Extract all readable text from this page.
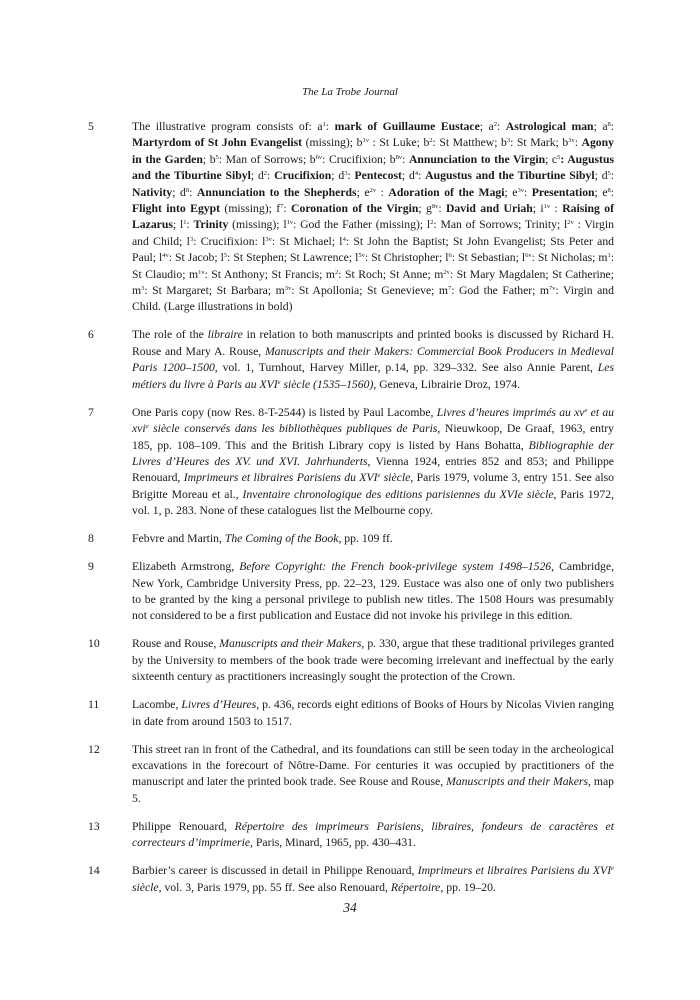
The La Trobe Journal
5	The illustrative program consists of: $a^1$: mark of Guillaume Eustace; $a^2$: Astrological man; $a^8$: Martyrdom of St John Evangelist (missing); $b^{1v}$ : St Luke; $b^2$: St Matthew; $b^3$: St Mark; $b^{3v}$: Agony in the Garden; $b^5$: Man of Sorrows; $b^{6v}$: Crucifixion; $b^{8v}$: Annunciation to the Virgin; $c^5$: Augustus and the Tiburtine Sibyl; $d^2$: Crucifixion; $d^3$: Pentecost; $d^4$: Augustus and the Tiburtine Sibyl; $d^5$: Nativity; $d^8$: Annunciation to the Shepherds; $e^{2v}$ : Adoration of the Magi; $e^{3v}$: Presentation; $e^8$: Flight into Egypt (missing); $f^7$: Coronation of the Virgin; $g^{8v}$: David and Uriah; $i^{1v}$ : Raising of Lazarus; $l^1$: Trinity (missing); $l^{1v}$: God the Father (missing); $l^2$: Man of Sorrows; Trinity; $l^{2v}$ : Virgin and Child; $l^3$: Crucifixion: $l^{3v}$: St Michael; $l^4$: St John the Baptist; St John Evangelist; Sts Peter and Paul; $l^{4v}$: St Jacob; $l^5$: St Stephen; St Lawrence; $l^{5v}$: St Christopher; $l^6$: St Sebastian; $l^{6v}$: St Nicholas; $m^1$: St Claudio; $m^{1v}$: St Anthony; St Francis; $m^2$: St Roch; St Anne; $m^{2v}$: St Mary Magdalen; St Catherine; $m^3$: St Margaret; St Barbara; $m^{3v}$: St Apollonia; St Genevieve; $m^7$: God the Father; $m^{7v}$: Virgin and Child. (Large illustrations in bold)
6	The role of the libraire in relation to both manuscripts and printed books is discussed by Richard H. Rouse and Mary A. Rouse, Manuscripts and their Makers: Commercial Book Producers in Medieval Paris 1200–1500, vol. 1, Turnhout, Harvey Miller, p.14, pp. 329–332. See also Annie Parent, Les métiers du livre à Paris au XVIe siècle (1535–1560), Geneva, Librairie Droz, 1974.
7	One Paris copy (now Res. 8-T-2544) is listed by Paul Lacombe, Livres d’heures imprimés au $xv^e$ et au xvi$^e$ siècle conservés dans les bibliothèques publiques de Paris, Nieuwkoop, De Graaf, 1963, entry 185, pp. 108–109. This and the British Library copy is listed by Hans Bohatta, Bibliographie der Livres d’Heures des XV. und XVI. Jahrhunderts, Vienna 1924, entries 852 and 853; and Philippe Renouard, Imprimeurs et libraires Parisiens du XVIe siècle, Paris 1979, volume 3, entry 151. See also Brigitte Moreau et al., Inventaire chronologique des editions parisiennes du XVIe siècle, Paris 1972, vol. 1, p. 283. None of these catalogues list the Melbourne copy.
8	Febvre and Martin, The Coming of the Book, pp. 109 ff.
9	Elizabeth Armstrong, Before Copyright: the French book-privilege system 1498–1526, Cambridge, New York, Cambridge University Press, pp. 22–23, 129. Eustace was also one of only two publishers to be granted by the king a personal privilege to publish new titles. The 1508 Hours was presumably not considered to be a first publication and Eustace did not invoke his privilege in this edition.
10	Rouse and Rouse, Manuscripts and their Makers, p. 330, argue that these traditional privileges granted by the University to members of the book trade were becoming irrelevant and ineffectual by the early sixteenth century as practitioners increasingly sought the protection of the Crown.
11	Lacombe, Livres d’Heures, p. 436, records eight editions of Books of Hours by Nicolas Vivien ranging in date from around 1503 to 1517.
12	This street ran in front of the Cathedral, and its foundations can still be seen today in the archeological excavations in the forecourt of Nôtre-Dame. For centuries it was occupied by practitioners of the manuscript and later the printed book trade. See Rouse and Rouse, Manuscripts and their Makers, map 5.
13	Philippe Renouard, Répertoire des imprimeurs Parisiens, libraires, fondeurs de caractères et correcteurs d’imprimerie, Paris, Minard, 1965, pp. 430–431.
14	Barbier’s career is discussed in detail in Philippe Renouard, Imprimeurs et libraires Parisiens du XVIe siècle, vol. 3, Paris 1979, pp. 55 ff. See also Renouard, Répertoire, pp. 19–20.
34
